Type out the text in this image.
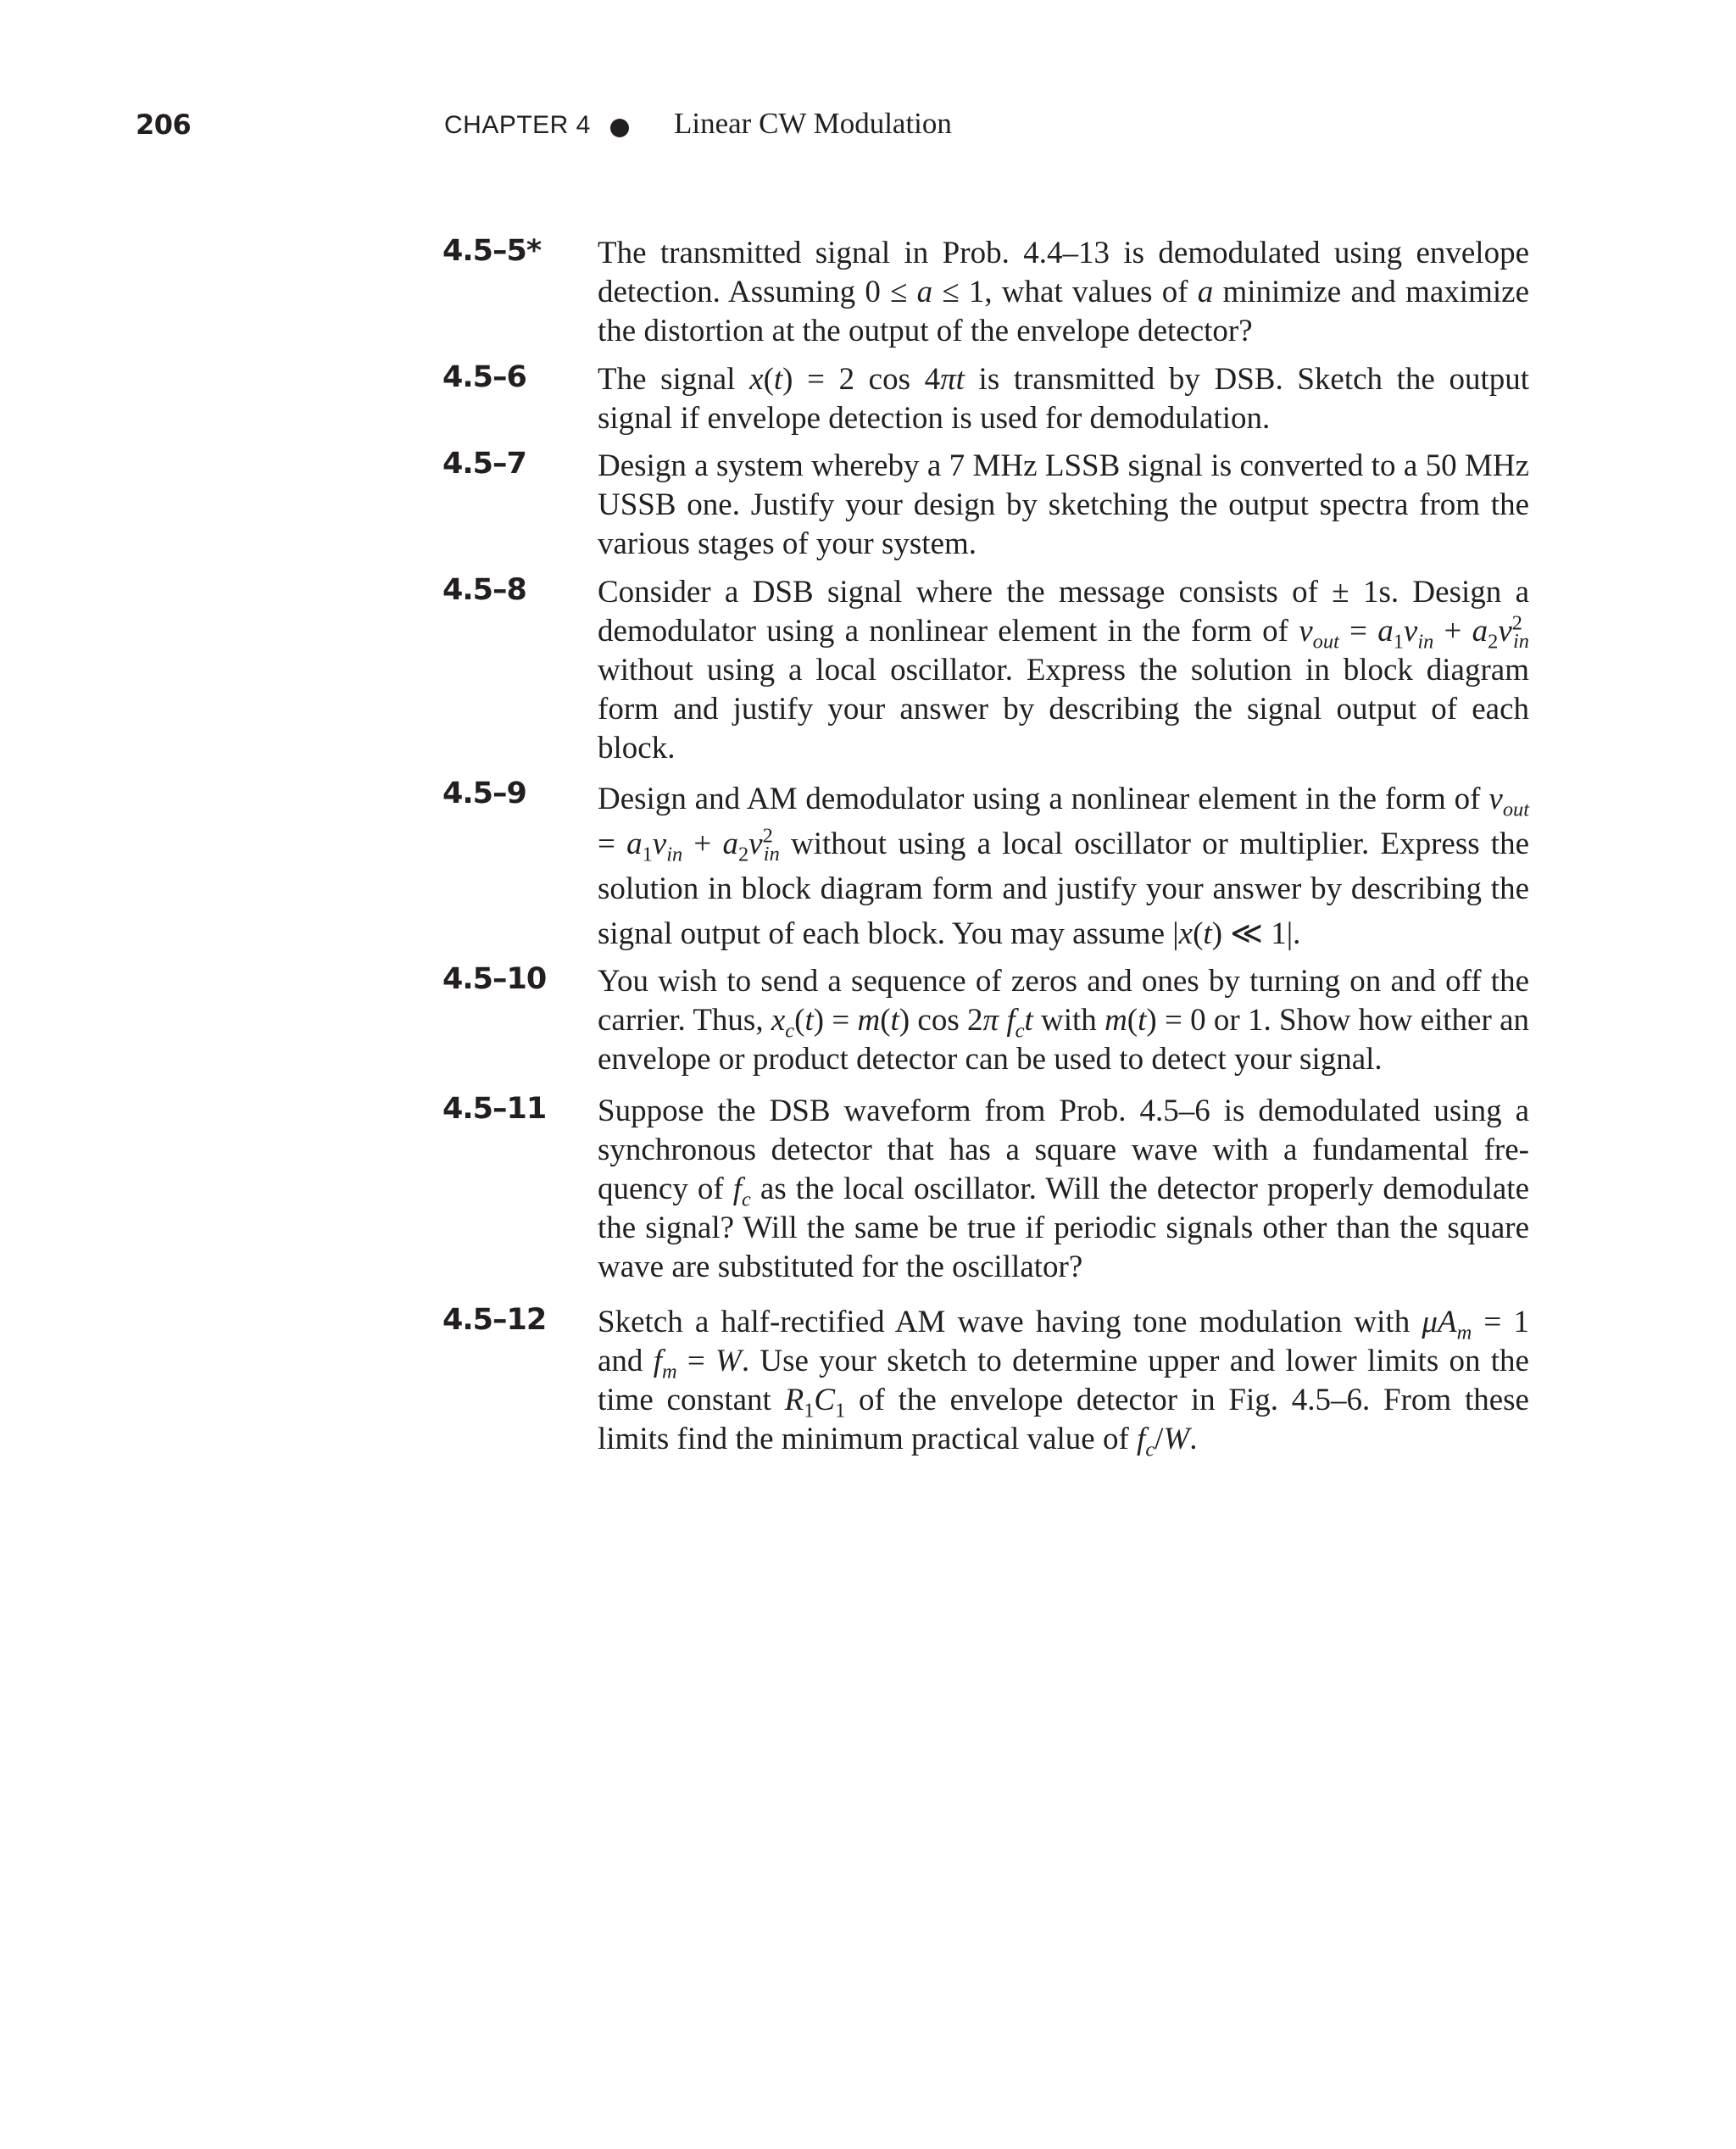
206	CHAPTER 4	Linear CW Modulation
4.5–5* The transmitted signal in Prob. 4.4–13 is demodulated using envelope detection. Assuming 0 ≤ a ≤ 1, what values of a minimize and maximize the distortion at the output of the envelope detector?

4.5–6 The signal x(t) = 2 cos 4πt is transmitted by DSB. Sketch the output signal if envelope detection is used for demodulation.

4.5–7 Design a system whereby a 7 MHz LSSB signal is converted to a 50 MHz USSB one. Justify your design by sketching the output spectra from the various stages of your system.

4.5–8 Consider a DSB signal where the message consists of ± 1s. Design a demodulator using a nonlinear element in the form of $v_{out} = a_1v_{in} + a_2v^2_{in}$ without using a local oscillator. Express the solution in block diagram form and justify your answer by describing the signal output of each block.

4.5–9 Design and AM demodulator using a nonlinear element in the form of $v_{out} = a_1v_{in} + a_2v^2_{in}$ without using a local oscillator or multiplier. Express the solution in block diagram form and justify your answer by describing the signal output of each block. You may assume |x(t) ≪ 1|.

4.5–10 You wish to send a sequence of zeros and ones by turning on and off the carrier. Thus, $x_c(t) = m(t)$ cos 2π $f_ct$ with m(t) = 0 or 1. Show how either an envelope or product detector can be used to detect your signal.

4.5–11 Suppose the DSB waveform from Prob. 4.5–6 is demodulated using a synchronous detector that has a square wave with a fundamental frequency of $f_c$ as the local oscillator. Will the detector properly demodulate the signal? Will the same be true if periodic signals other than the square wave are substituted for the oscillator?

4.5–12 Sketch a half-rectified AM wave having tone modulation with $\mu A_m = 1$ and $f_m = W$. Use your sketch to determine upper and lower limits on the time constant $R_1C_1$ of the envelope detector in Fig. 4.5–6. From these limits find the minimum practical value of $f_c/W$.
